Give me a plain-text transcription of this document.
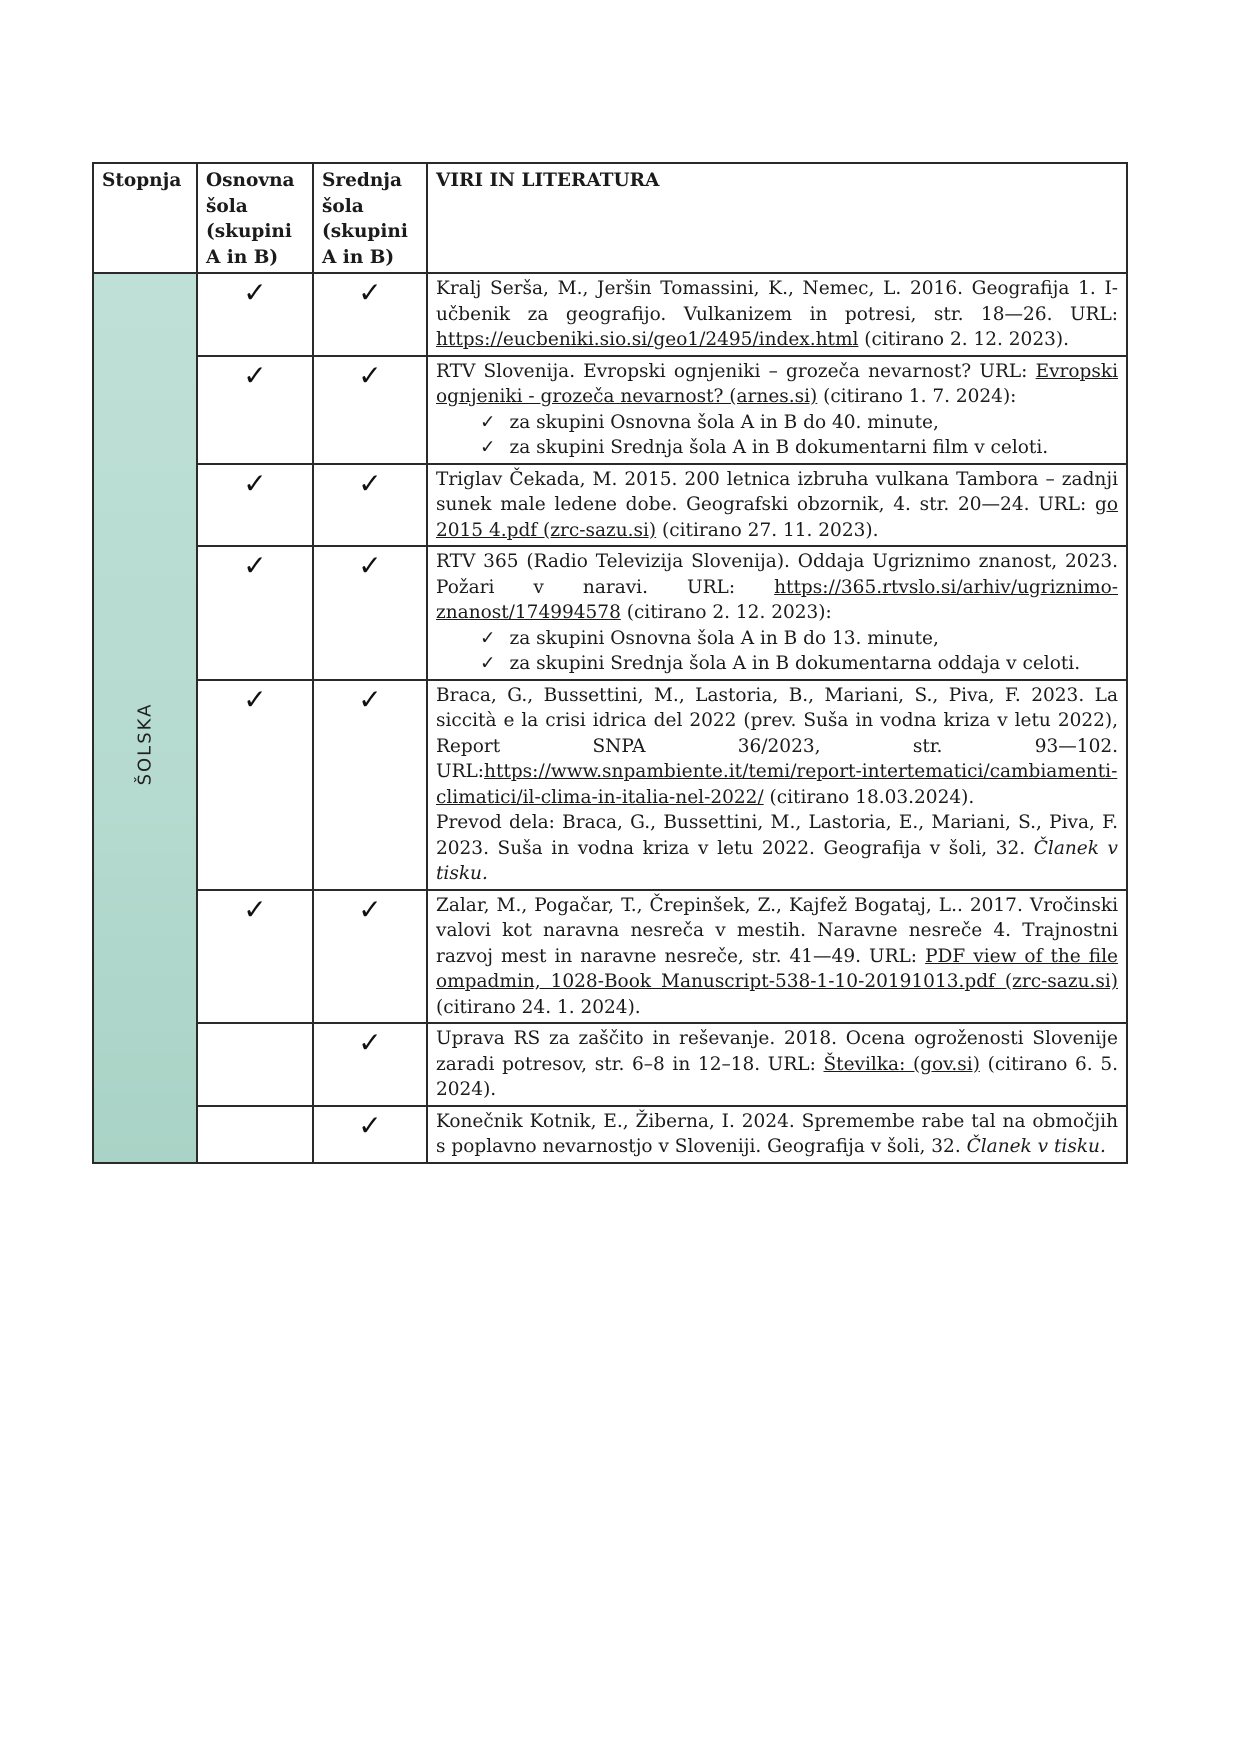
Stopnja	Osnovna šola (skupini A in B)	Srednja šola (skupini A in B)	VIRI IN LITERATURA

ŠOLSKA	✓	✓	Kralj Serša, M., Jeršin Tomassini, K., Nemec, L. 2016. Geografija 1. I-učbenik za geografijo. Vulkanizem in potresi, str. 18—26. URL: https://eucbeniki.sio.si/geo1/2495/index.html (citirano 2. 12. 2023).
	✓	✓	RTV Slovenija. Evropski ognjeniki – grozeča nevarnost? URL: Evropski ognjeniki - grozeča nevarnost? (arnes.si) (citirano 1. 7. 2024):
✓ za skupini Osnovna šola A in B do 40. minute,
✓ za skupini Srednja šola A in B dokumentarni film v celoti.

	✓	✓	Triglav Čekada, M. 2015. 200 letnica izbruha vulkana Tambora – zadnji sunek male ledene dobe. Geografski obzornik, 4. str. 20—24. URL: go 2015 4.pdf (zrc-sazu.si) (citirano 27. 11. 2023).
	✓	✓	RTV 365 (Radio Televizija Slovenija). Oddaja Ugriznimo znanost, 2023. Požari v naravi. URL: https://365.rtvslo.si/arhiv/ugriznimo-znanost/174994578 (citirano 2. 12. 2023):
✓ za skupini Osnovna šola A in B do 13. minute,
✓ za skupini Srednja šola A in B dokumentarna oddaja v celoti.

	✓	✓	Braca, G., Bussettini, M., Lastoria, B., Mariani, S., Piva, F. 2023. La siccità e la crisi idrica del 2022 (prev. Suša in vodna kriza v letu 2022), Report SNPA 36/2023, str. 93—102. URL:https://www.snpambiente.it/temi/report-intertematici/cambiamenti-climatici/il-clima-in-italia-nel-2022/ (citirano 18.03.2024).
Prevod dela: Braca, G., Bussettini, M., Lastoria, E., Mariani, S., Piva, F. 2023. Suša in vodna kriza v letu 2022. Geografija v šoli, 32. Članek v tisku.
	✓	✓	Zalar, M., Pogačar, T., Črepinšek, Z., Kajfež Bogataj, L.. 2017. Vročinski valovi kot naravna nesreča v mestih. Naravne nesreče 4. Trajnostni razvoj mest in naravne nesreče, str. 41—49. URL: PDF view of the file ompadmin, 1028-Book Manuscript-538-1-10-20191013.pdf (zrc-sazu.si) (citirano 24. 1. 2024).
		✓	Uprava RS za zaščito in reševanje. 2018. Ocena ogroženosti Slovenije zaradi potresov, str. 6–8 in 12–18. URL: Številka: (gov.si) (citirano 6. 5. 2024).
		✓	Konečnik Kotnik, E., Žiberna, I. 2024. Spremembe rabe tal na območjih s poplavno nevarnostjo v Sloveniji. Geografija v šoli, 32. Članek v tisku.
